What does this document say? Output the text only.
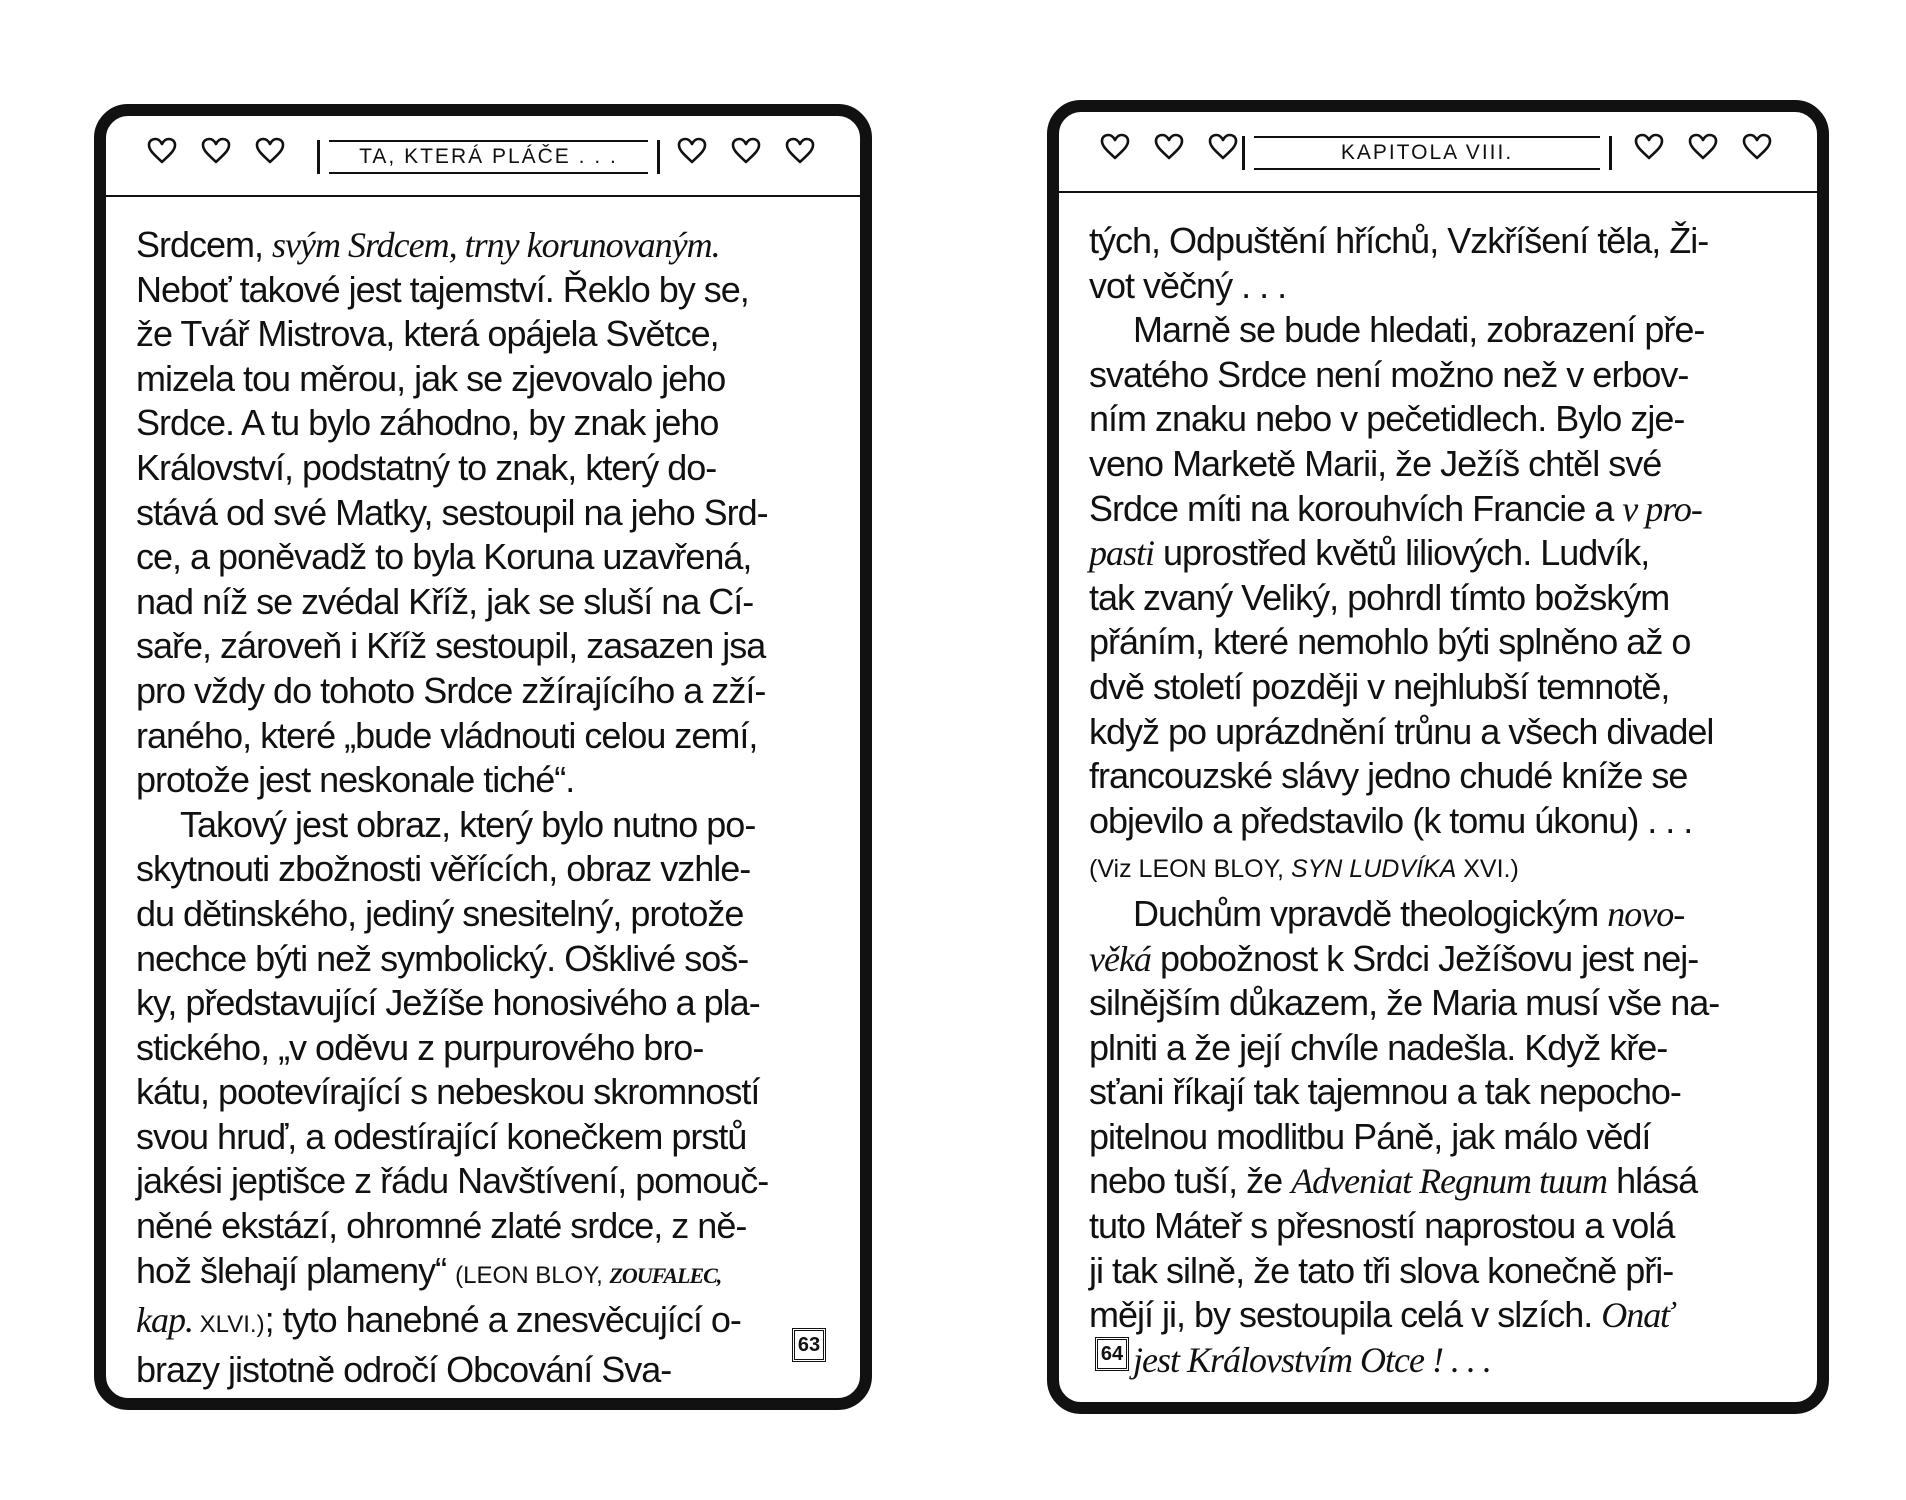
TA, KTERÁ PLÁČE . . .
Srdcem, svým Srdcem, trny korunovaným.
Neboť takové jest tajemství. Řeklo by se,
že Tvář Mistrova, která opájela Světce,
mizela tou měrou, jak se zjevovalo jeho
Srdce. A tu bylo záhodno, by znak jeho
Království, podstatný to znak, který do-
stává od své Matky, sestoupil na jeho Srd-
ce, a poněvadž to byla Koruna uzavřená,
nad níž se zvédal Kříž, jak se sluší na Cí-
saře, zároveň i Kříž sestoupil, zasazen jsa
pro vždy do tohoto Srdce zžírajícího a zží-
raného, které „bude vládnouti celou zemí,
protože jest neskonale tiché“.
Takový jest obraz, který bylo nutno po-
skytnouti zbožnosti věřících, obraz vzhle-
du dětinského, jediný snesitelný, protože
nechce býti než symbolický. Ošklivé soš-
ky, představující Ježíše honosivého a pla-
stického, „v oděvu z purpurového bro-
kátu, pootevírající s nebeskou skromností
svou hruď, a odestírající konečkem prstů
jakési jeptišce z řádu Navštívení, pomouč-
něné ekstází, ohromné zlaté srdce, z ně-
hož šlehají plameny“ (LEON BLOY, ZOUFALEC,
kap. XLVI.); tyto hanebné a znesvěcující o-
brazy jistotně odročí Obcování Sva-
63
KAPITOLA VIII.
tých, Odpuštění hříchů, Vzkříšení těla, Ži-
vot věčný . . .
Marně se bude hledati, zobrazení pře-
svatého Srdce není možno než v erbov-
ním znaku nebo v pečetidlech. Bylo zje-
veno Marketě Marii, že Ježíš chtěl své
Srdce míti na korouhvích Francie a v pro-
pasti uprostřed květů liliových. Ludvík,
tak zvaný Veliký, pohrdl tímto božským
přáním, které nemohlo býti splněno až o
dvě století později v nejhlubší temnotě,
když po uprázdnění trůnu a všech divadel
francouzské slávy jedno chudé kníže se
objevilo a představilo (k tomu úkonu) . . .
(Viz LEON BLOY, SYN LUDVÍKA XVI.)
Duchům vpravdě theologickým novo-
věká pobožnost k Srdci Ježíšovu jest nej-
silnějším důkazem, že Maria musí vše na-
plniti a že její chvíle nadešla. Když kře-
sťani říkají tak tajemnou a tak nepocho-
pitelnou modlitbu Páně, jak málo vědí
nebo tuší, že Adveniat Regnum tuum hlásá
tuto Máteř s přesností naprostou a volá
ji tak silně, že tato tři slova konečně při-
mějí ji, by sestoupila celá v slzích. Onať
jest Královstvím Otce ! . . .
64
